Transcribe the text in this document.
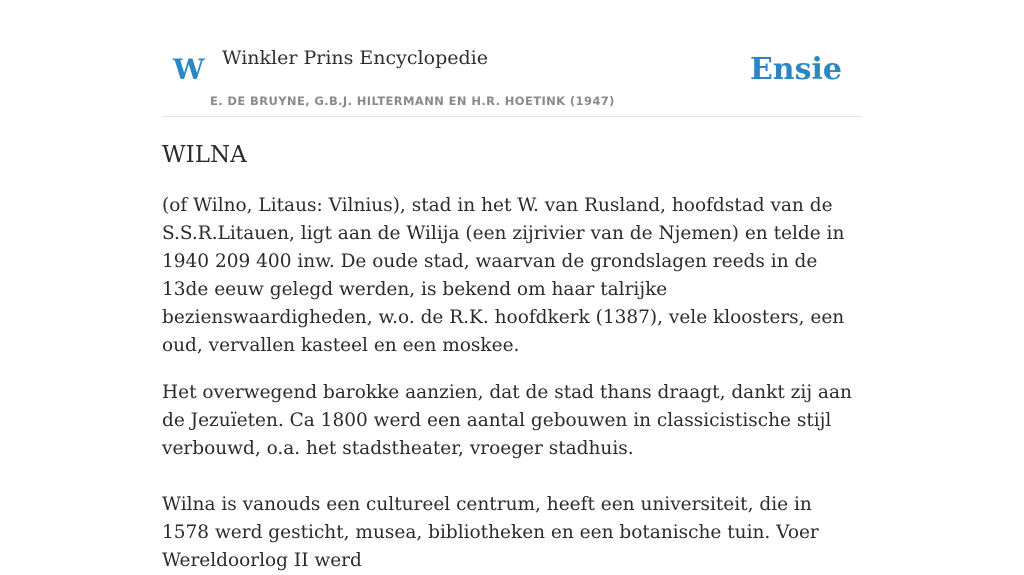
W Winkler Prins Encyclopedie
E. DE BRUYNE, G.B.J. HILTERMANN EN H.R. HOETINK (1947)
Ensie
WILNA

(of Wilno, Litaus: Vilnius), stad in het W. van Rusland, hoofdstad van de S.S.R.Litauen, ligt aan de Wilija (een zijrivier van de Njemen) en telde in 1940 209 400 inw. De oude stad, waarvan de grondslagen reeds in de 13de eeuw gelegd werden, is bekend om haar talrijke bezienswaardigheden, w.o. de R.K. hoofdkerk (1387), vele kloosters, een oud, vervallen kasteel en een moskee.

Het overwegend barokke aanzien, dat de stad thans draagt, dankt zij aan de Jezuïeten. Ca 1800 werd een aantal gebouwen in classicistische stijl verbouwd, o.a. het stadstheater, vroeger stadhuis.

Wilna is vanouds een cultureel centrum, heeft een universiteit, die in 1578 werd gesticht, musea, bibliotheken en een botanische tuin. Voer Wereldoorlog II werd
